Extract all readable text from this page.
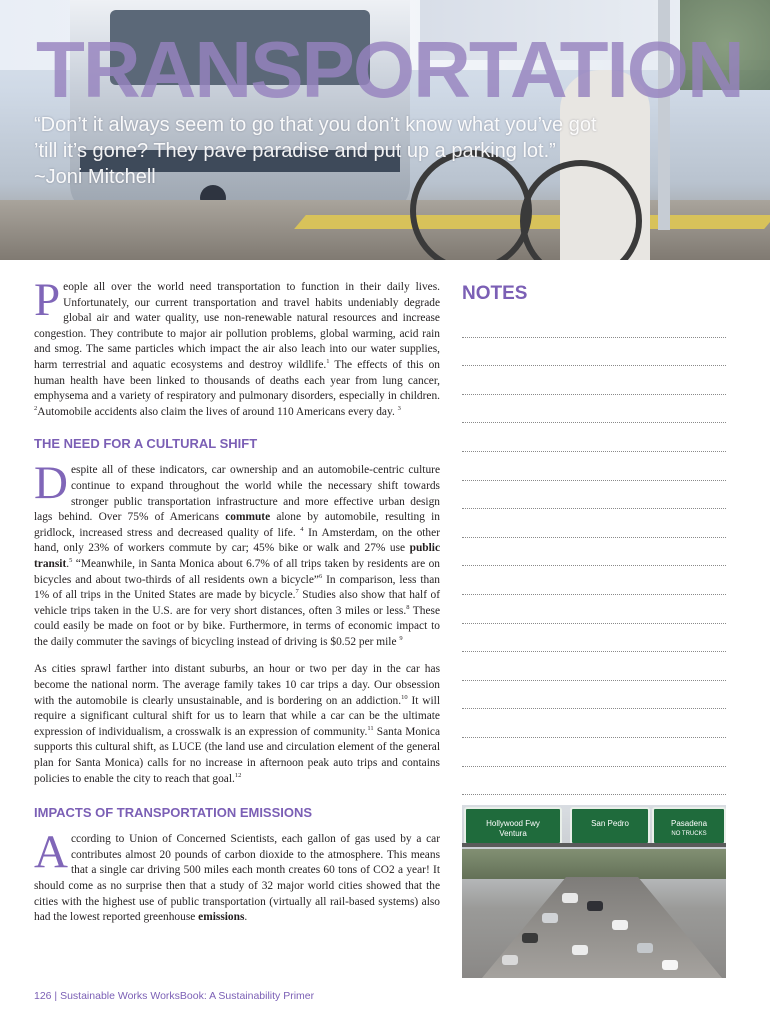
TRANSPORTATION

“Don’t it always seem to go that you don’t know what you’ve got
’till it’s gone? They pave paradise and put up a parking lot.”
~Joni Mitchell

People all over the world need transportation to function in their daily lives. Unfortunately, our current transportation and travel habits undeniably degrade global air and water quality, use non-renewable natural resources and increase congestion. They contribute to major air pollution problems, global warming, acid rain and smog. The same particles which impact the air also leach into our water supplies, harm terrestrial and aquatic ecosystems and destroy wildlife.$^1$ The effects of this on human health have been linked to thousands of deaths each year from lung cancer, emphysema and a variety of respiratory and pulmonary disorders, especially in children. $^2$Automobile accidents also claim the lives of around 110 Americans every day. $^3$

THE NEED FOR A CULTURAL SHIFT

Despite all of these indicators, car ownership and an automobile-centric culture continue to expand throughout the world while the necessary shift towards stronger public transportation infrastructure and more effective urban design lags behind. Over 75% of Americans commute alone by automobile, resulting in gridlock, increased stress and decreased quality of life. $^4$ In Amsterdam, on the other hand, only 23% of workers commute by car; 45% bike or walk and 27% use public transit.$^5$ “Meanwhile, in Santa Monica about 6.7% of all trips taken by residents are on bicycles and about two-thirds of all residents own a bicycle”$^6$ In comparison, less than 1% of all trips in the United States are made by bicycle.$^7$ Studies also show that half of vehicle trips taken in the U.S. are for very short distances, often 3 miles or less.$^8$ These could easily be made on foot or by bike. Furthermore, in terms of economic impact to the daily commuter the savings of bicycling instead of driving is $0.52 per mile $^9$

As cities sprawl farther into distant suburbs, an hour or two per day in the car has become the national norm. The average family takes 10 car trips a day. Our obsession with the automobile is clearly unsustainable, and is bordering on an addiction.$^{10}$ It will require a significant cultural shift for us to learn that while a car can be the ultimate expression of individualism, a crosswalk is an expression of community.$^{11}$ Santa Monica supports this cultural shift, as LUCE (the land use and circulation element of the general plan for Santa Monica) calls for no increase in afternoon peak auto trips and contains policies to enable the city to reach that goal.$^{12}$

IMPACTS OF TRANSPORTATION EMISSIONS

According to Union of Concerned Scientists, each gallon of gas used by a car contributes almost 20 pounds of carbon dioxide to the atmosphere. This means that a single car driving 500 miles each month creates 60 tons of CO2 a year! It should come as no surprise then that a study of 32 major world cities showed that the cities with the highest use of public transportation (virtually all rail-based systems) also had the lowest reported greenhouse emissions.

NOTES
Hollywood Fwy
Ventura
San Pedro	Pasadena
NO TRUCKS

126 | Sustainable Works WorksBook: A Sustainability Primer
